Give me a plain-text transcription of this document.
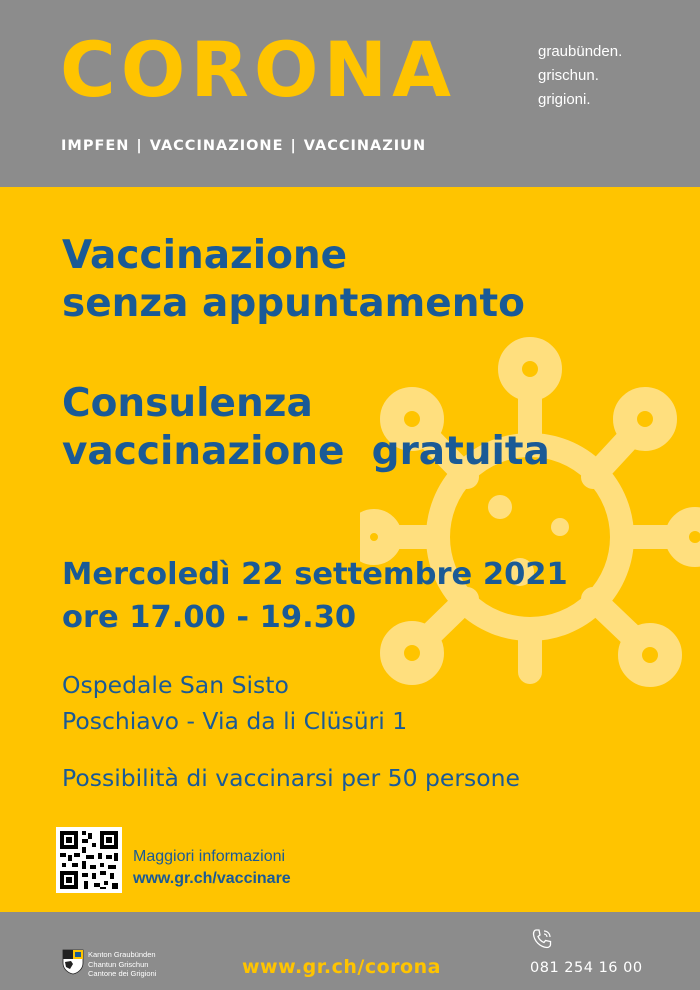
CORONA
IMPFEN | VACCINAZIONE | VACCINAZIUN
graubünden.
grischun.
grigioni.
Vaccinazione
senza appuntamento
Consulenza
vaccinazione  gratuita
Mercoledì 22 settembre 2021
ore 17.00 - 19.30
Ospedale San Sisto
Poschiavo - Via da li Clüsüri 1
Possibilità di vaccinarsi per 50 persone
Maggiori informazioni
www.gr.ch/vaccinare
Kanton Graubünden
Chantun Grischun
Cantone dei Grigioni	www.gr.ch/corona	081 254 16 00
